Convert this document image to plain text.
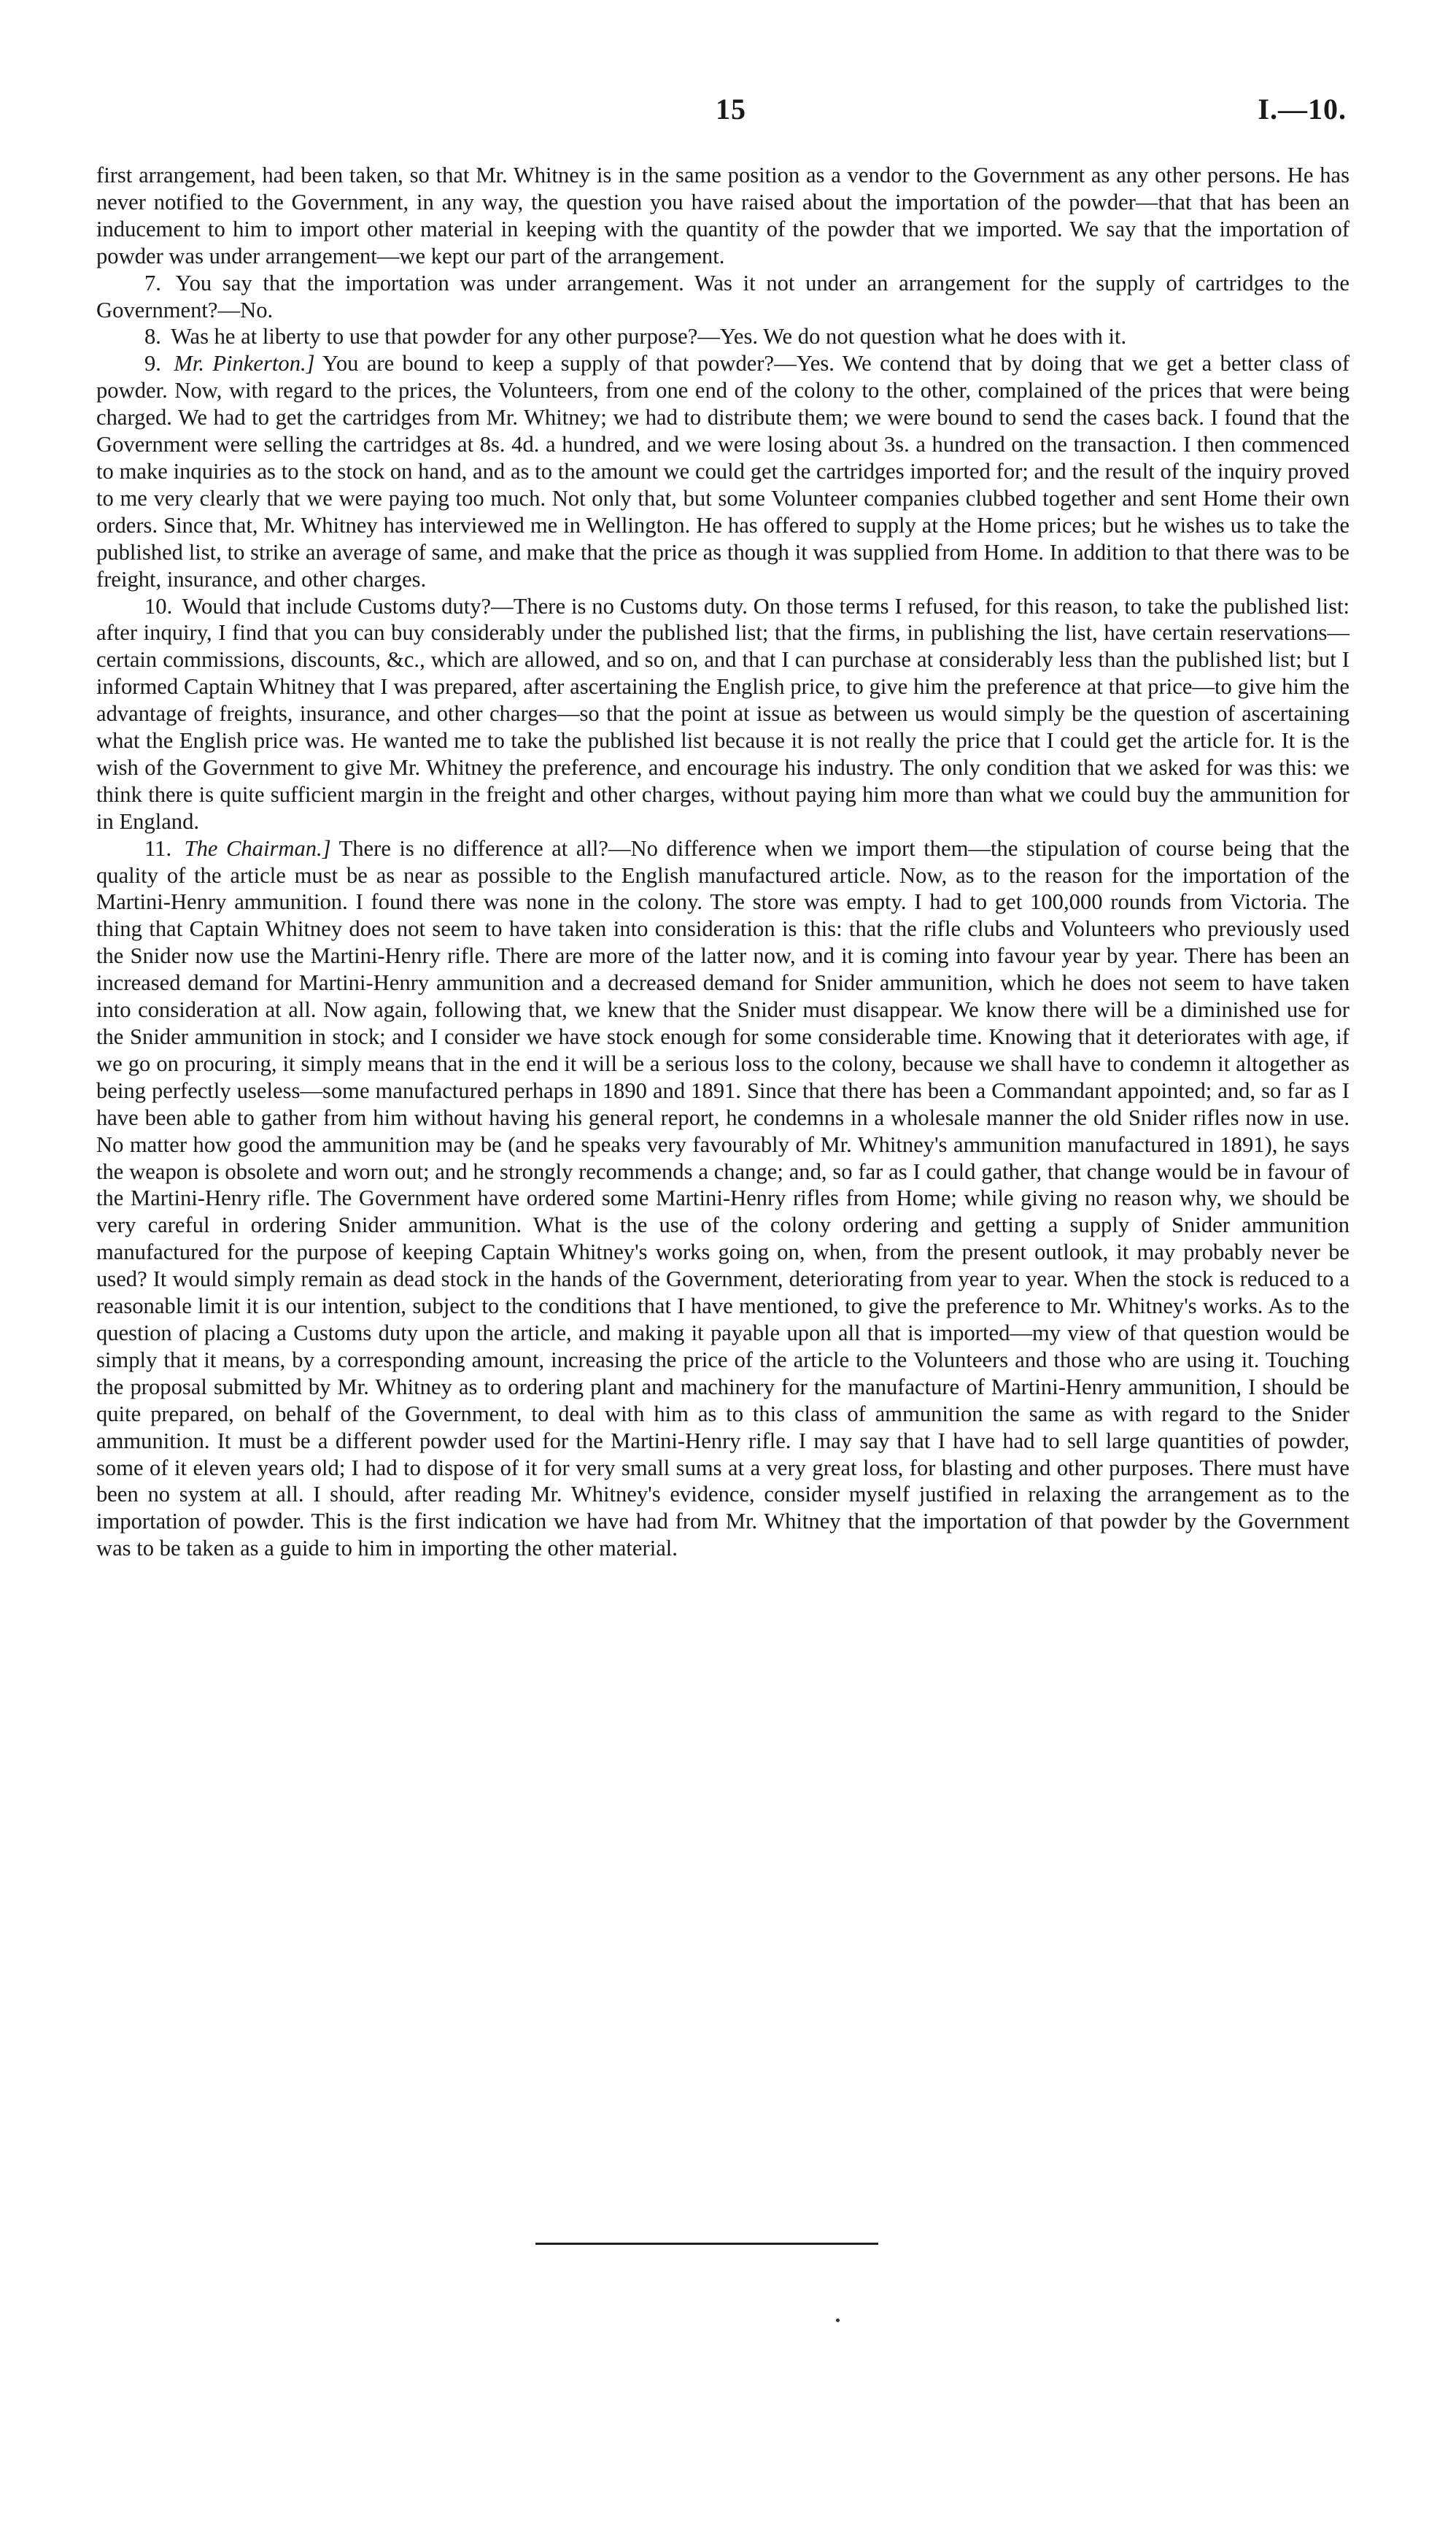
15	I.—10.

first arrangement, had been taken, so that Mr. Whitney is in the same position as a vendor to the Government as any other persons. He has never notified to the Government, in any way, the question you have raised about the importation of the powder—that that has been an inducement to him to import other material in keeping with the quantity of the powder that we imported. We say that the importation of powder was under arrangement—we kept our part of the arrangement.

7. You say that the importation was under arrangement. Was it not under an arrangement for the supply of cartridges to the Government?—No.

8. Was he at liberty to use that powder for any other purpose?—Yes. We do not question what he does with it.

9. Mr. Pinkerton.] You are bound to keep a supply of that powder?—Yes. We contend that by doing that we get a better class of powder. Now, with regard to the prices, the Volunteers, from one end of the colony to the other, complained of the prices that were being charged. We had to get the cartridges from Mr. Whitney; we had to distribute them; we were bound to send the cases back. I found that the Government were selling the cartridges at 8s. 4d. a hundred, and we were losing about 3s. a hundred on the transaction. I then commenced to make inquiries as to the stock on hand, and as to the amount we could get the cartridges imported for; and the result of the inquiry proved to me very clearly that we were paying too much. Not only that, but some Volunteer companies clubbed together and sent Home their own orders. Since that, Mr. Whitney has interviewed me in Wellington. He has offered to supply at the Home prices; but he wishes us to take the published list, to strike an average of same, and make that the price as though it was supplied from Home. In addition to that there was to be freight, insurance, and other charges.

10. Would that include Customs duty?—There is no Customs duty. On those terms I refused, for this reason, to take the published list: after inquiry, I find that you can buy considerably under the published list; that the firms, in publishing the list, have certain reservations—certain commissions, discounts, &c., which are allowed, and so on, and that I can purchase at considerably less than the published list; but I informed Captain Whitney that I was prepared, after ascertaining the English price, to give him the preference at that price—to give him the advantage of freights, insurance, and other charges—so that the point at issue as between us would simply be the question of ascertaining what the English price was. He wanted me to take the published list because it is not really the price that I could get the article for. It is the wish of the Government to give Mr. Whitney the preference, and encourage his industry. The only condition that we asked for was this: we think there is quite sufficient margin in the freight and other charges, without paying him more than what we could buy the ammunition for in England.

11. The Chairman.] There is no difference at all?—No difference when we import them—the stipulation of course being that the quality of the article must be as near as possible to the English manufactured article. Now, as to the reason for the importation of the Martini-Henry ammunition. I found there was none in the colony. The store was empty. I had to get 100,000 rounds from Victoria. The thing that Captain Whitney does not seem to have taken into consideration is this: that the rifle clubs and Volunteers who previously used the Snider now use the Martini-Henry rifle. There are more of the latter now, and it is coming into favour year by year. There has been an increased demand for Martini-Henry ammunition and a decreased demand for Snider ammunition, which he does not seem to have taken into consideration at all. Now again, following that, we knew that the Snider must disappear. We know there will be a diminished use for the Snider ammunition in stock; and I consider we have stock enough for some considerable time. Knowing that it deteriorates with age, if we go on procuring, it simply means that in the end it will be a serious loss to the colony, because we shall have to condemn it altogether as being perfectly useless—some manufactured perhaps in 1890 and 1891. Since that there has been a Commandant appointed; and, so far as I have been able to gather from him without having his general report, he condemns in a wholesale manner the old Snider rifles now in use. No matter how good the ammunition may be (and he speaks very favourably of Mr. Whitney's ammunition manufactured in 1891), he says the weapon is obsolete and worn out; and he strongly recommends a change; and, so far as I could gather, that change would be in favour of the Martini-Henry rifle. The Government have ordered some Martini-Henry rifles from Home; while giving no reason why, we should be very careful in ordering Snider ammunition. What is the use of the colony ordering and getting a supply of Snider ammunition manufactured for the purpose of keeping Captain Whitney's works going on, when, from the present outlook, it may probably never be used? It would simply remain as dead stock in the hands of the Government, deteriorating from year to year. When the stock is reduced to a reasonable limit it is our intention, subject to the conditions that I have mentioned, to give the preference to Mr. Whitney's works. As to the question of placing a Customs duty upon the article, and making it payable upon all that is imported—my view of that question would be simply that it means, by a corresponding amount, increasing the price of the article to the Volunteers and those who are using it. Touching the proposal submitted by Mr. Whitney as to ordering plant and machinery for the manufacture of Martini-Henry ammunition, I should be quite prepared, on behalf of the Government, to deal with him as to this class of ammunition the same as with regard to the Snider ammunition. It must be a different powder used for the Martini-Henry rifle. I may say that I have had to sell large quantities of powder, some of it eleven years old; I had to dispose of it for very small sums at a very great loss, for blasting and other purposes. There must have been no system at all. I should, after reading Mr. Whitney's evidence, consider myself justified in relaxing the arrangement as to the importation of powder. This is the first indication we have had from Mr. Whitney that the importation of that powder by the Government was to be taken as a guide to him in importing the other material.
